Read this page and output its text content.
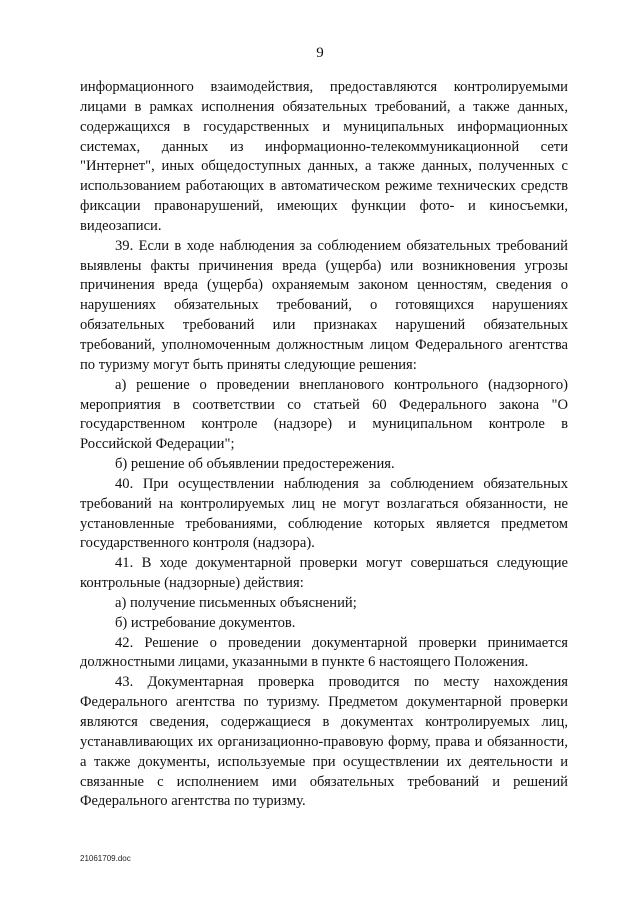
9

информационного взаимодействия, предоставляются контролируемыми лицами в рамках исполнения обязательных требований, а также данных, содержащихся в государственных и муниципальных информационных системах, данных из информационно-телекоммуникационной сети "Интернет", иных общедоступных данных, а также данных, полученных с использованием работающих в автоматическом режиме технических средств фиксации правонарушений, имеющих функции фото- и киносъемки, видеозаписи.

39. Если в ходе наблюдения за соблюдением обязательных требований выявлены факты причинения вреда (ущерба) или возникновения угрозы причинения вреда (ущерба) охраняемым законом ценностям, сведения о нарушениях обязательных требований, о готовящихся нарушениях обязательных требований или признаках нарушений обязательных требований, уполномоченным должностным лицом Федерального агентства по туризму могут быть приняты следующие решения:

а) решение о проведении внепланового контрольного (надзорного) мероприятия в соответствии со статьей 60 Федерального закона "О государственном контроле (надзоре) и муниципальном контроле в Российской Федерации";

б) решение об объявлении предостережения.

40. При осуществлении наблюдения за соблюдением обязательных требований на контролируемых лиц не могут возлагаться обязанности, не установленные требованиями, соблюдение которых является предметом государственного контроля (надзора).

41. В ходе документарной проверки могут совершаться следующие контрольные (надзорные) действия:

а) получение письменных объяснений;

б) истребование документов.

42. Решение о проведении документарной проверки принимается должностными лицами, указанными в пункте 6 настоящего Положения.

43. Документарная проверка проводится по месту нахождения Федерального агентства по туризму. Предметом документарной проверки являются сведения, содержащиеся в документах контролируемых лиц, устанавливающих их организационно-правовую форму, права и обязанности, а также документы, используемые при осуществлении их деятельности и связанные с исполнением ими обязательных требований и решений Федерального агентства по туризму.

21061709.doc
